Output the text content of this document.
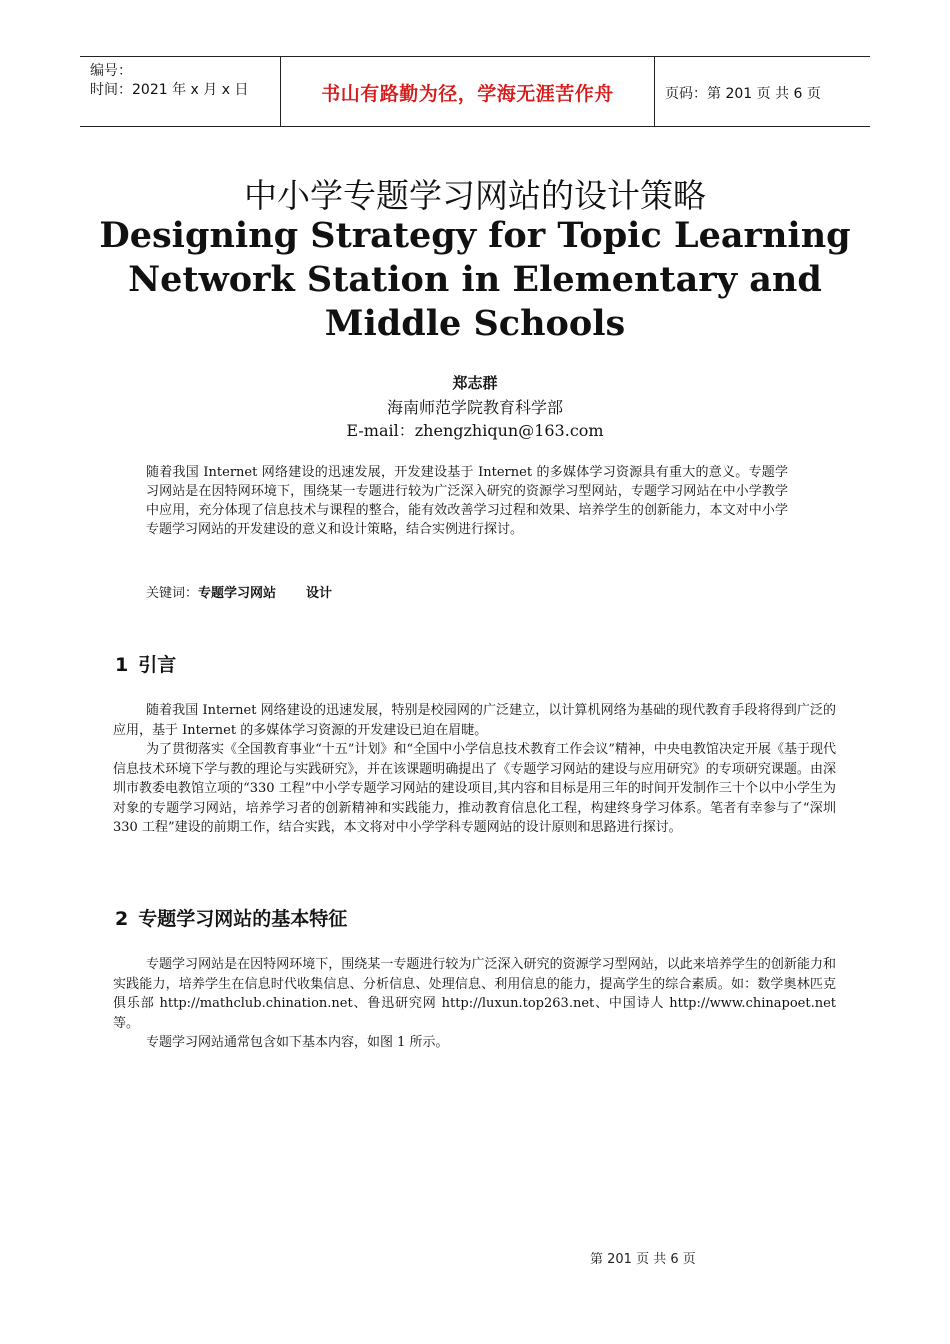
编号：
时间：2021 年 x 月 x 日	书山有路勤为径，学海无涯苦作舟	页码：第 201 页 共 6 页
中小学专题学习网站的设计策略
Designing Strategy for Topic Learning Network Station in Elementary and Middle Schools
郑志群
海南师范学院教育科学部
E-mail：zhengzhiqun@163.com
随着我国 Internet 网络建设的迅速发展，开发建设基于 Internet 的多媒体学习资源具有重大的意义。专题学习网站是在因特网环境下，围绕某一专题进行较为广泛深入研究的资源学习型网站，专题学习网站在中小学教学中应用，充分体现了信息技术与课程的整合，能有效改善学习过程和效果、培养学生的创新能力，本文对中小学专题学习网站的开发建设的意义和设计策略，结合实例进行探讨。
关键词：专题学习网站 设计
1 引言

随着我国 Internet 网络建设的迅速发展，特别是校园网的广泛建立，以计算机网络为基础的现代教育手段将得到广泛的应用，基于 Internet 的多媒体学习资源的开发建设已迫在眉睫。

为了贯彻落实《全国教育事业“十五”计划》和“全国中小学信息技术教育工作会议”精神，中央电教馆决定开展《基于现代信息技术环境下学与教的理论与实践研究》，并在该课题明确提出了《专题学习网站的建设与应用研究》的专项研究课题。由深圳市教委电教馆立项的“330 工程”中小学专题学习网站的建设项目,其内容和目标是用三年的时间开发制作三十个以中小学生为对象的专题学习网站，培养学习者的创新精神和实践能力，推动教育信息化工程，构建终身学习体系。笔者有幸参与了“深圳 330 工程”建设的前期工作，结合实践，本文将对中小学学科专题网站的设计原则和思路进行探讨。

2 专题学习网站的基本特征

专题学习网站是在因特网环境下，围绕某一专题进行较为广泛深入研究的资源学习型网站，以此来培养学生的创新能力和实践能力，培养学生在信息时代收集信息、分析信息、处理信息、利用信息的能力，提高学生的综合素质。如：数学奥林匹克俱乐部 http://mathclub.chination.net、鲁迅研究网 http://luxun.top263.net、中国诗人 http://www.chinapoet.net 等。

专题学习网站通常包含如下基本内容，如图 1 所示。

第 201 页 共 6 页
